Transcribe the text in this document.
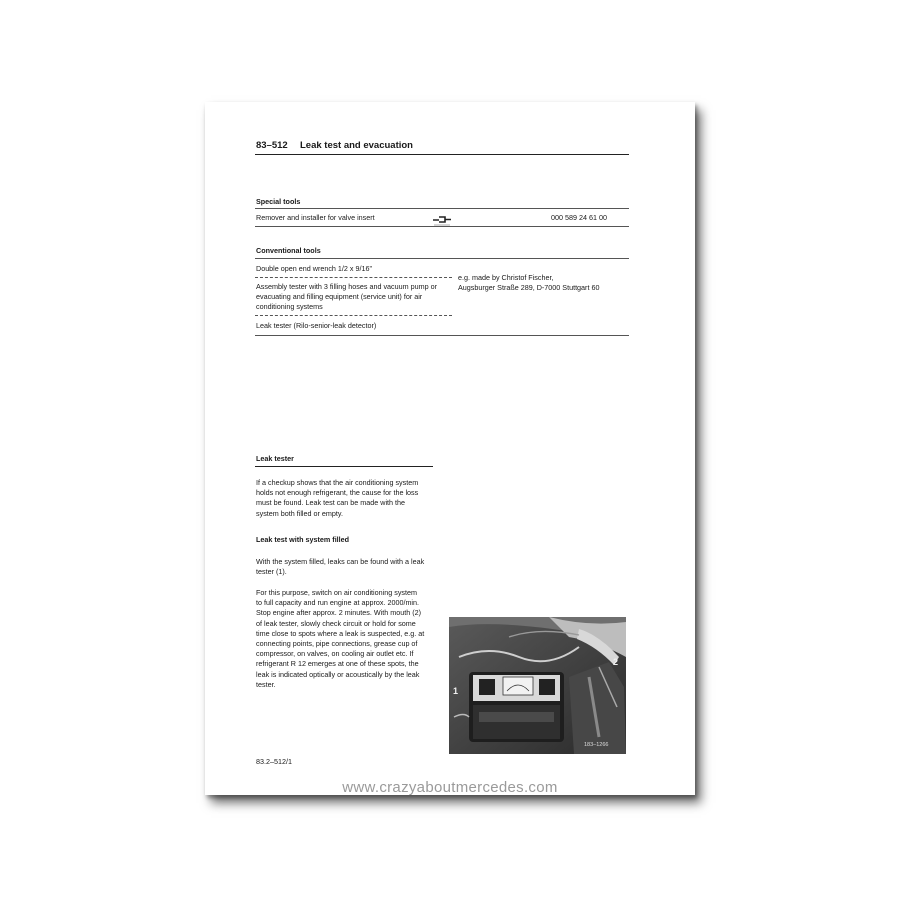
83–512 Leak test and evacuation
Special tools
Remover and installer for valve insert	000 589 24 61 00
Conventional tools
Double open end wrench 1/2 x 9/16”
Assembly tester with 3 filling hoses and vacuum pump or
evacuating and filling equipment (service unit) for air
conditioning systems
e.g. made by Christof Fischer,
Augsburger Straße 289, D-7000 Stuttgart 60
Leak tester (Rilo-senior-leak detector)
Leak tester
If a checkup shows that the air conditioning system
holds not enough refrigerant, the cause for the loss
must be found. Leak test can be made with the
system both filled or empty.
Leak test with system filled
With the system filled, leaks can be found with a leak
tester (1).
For this purpose, switch on air conditioning system
to full capacity and run engine at approx. 2000/min.
Stop engine after approx. 2 minutes. With mouth (2)
of leak tester, slowly check circuit or hold for some
time close to spots where a leak is suspected, e.g. at
connecting points, pipe connections, grease cup of
compressor, on valves, on cooling air outlet etc. If
refrigerant R 12 emerges at one of these spots, the
leak is indicated optically or acoustically by the leak
tester.
1
2
183–1266
83.2–512/1
www.crazyaboutmercedes.com
